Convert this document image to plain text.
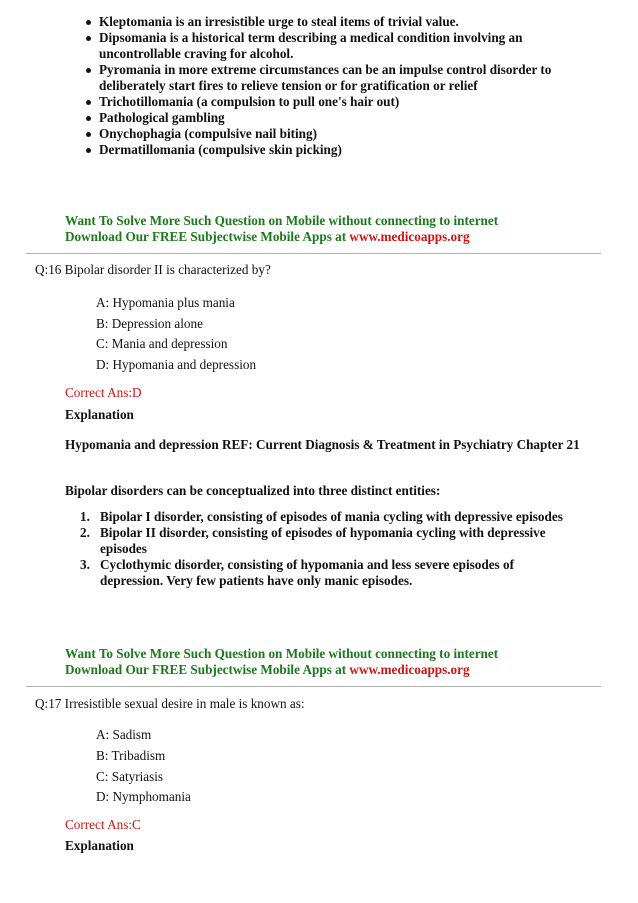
Kleptomania is an irresistible urge to steal items of trivial value.
Dipsomania is a historical term describing a medical condition involving an uncontrollable craving for alcohol.
Pyromania in more extreme circumstances can be an impulse control disorder to deliberately start fires to relieve tension or for gratification or relief
Trichotillomania (a compulsion to pull one's hair out)
Pathological gambling
Onychophagia (compulsive nail biting)
Dermatillomania (compulsive skin picking)
Want To Solve More Such Question on Mobile without connecting to internet
Download Our FREE Subjectwise Mobile Apps at www.medicoapps.org
Q:16 Bipolar disorder II is characterized by?
A: Hypomania plus mania
B: Depression alone
C: Mania and depression
D: Hypomania and depression
Correct Ans:D
Explanation
Hypomania and depression REF: Current Diagnosis & Treatment in Psychiatry Chapter 21
Bipolar disorders can be conceptualized into three distinct entities:
1. Bipolar I disorder, consisting of episodes of mania cycling with depressive episodes
2. Bipolar II disorder, consisting of episodes of hypomania cycling with depressive episodes
3. Cyclothymic disorder, consisting of hypomania and less severe episodes of depression. Very few patients have only manic episodes.
Want To Solve More Such Question on Mobile without connecting to internet
Download Our FREE Subjectwise Mobile Apps at www.medicoapps.org
Q:17 Irresistible sexual desire in male is known as:
A: Sadism
B: Tribadism
C: Satyriasis
D: Nymphomania
Correct Ans:C
Explanation
